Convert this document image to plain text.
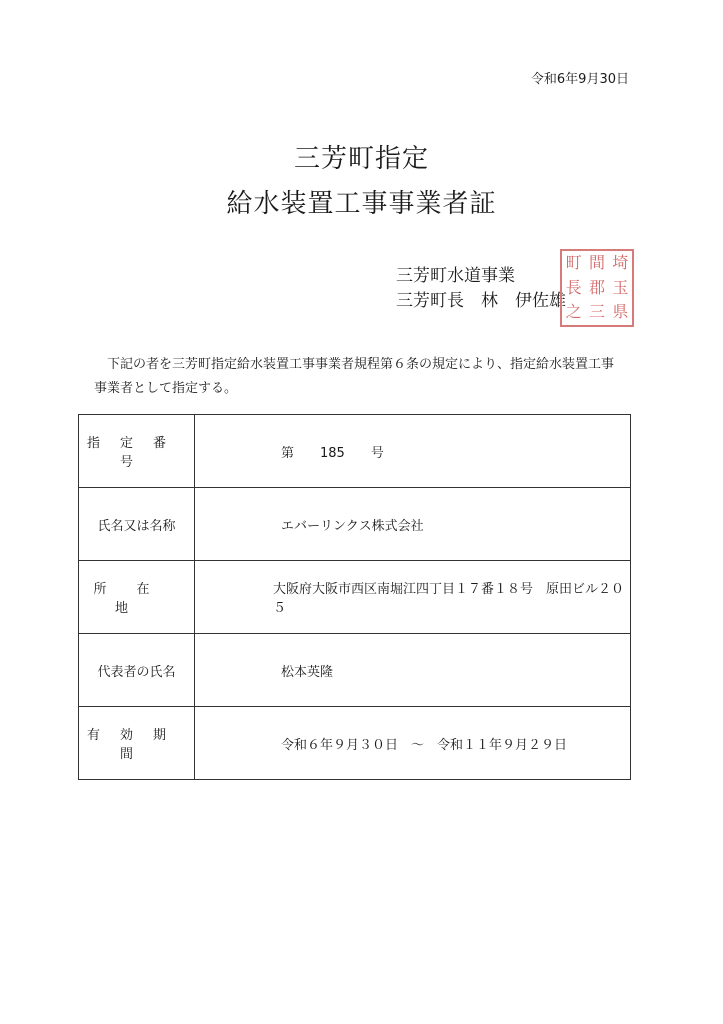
令和6年9月30日
三芳町指定
給水装置工事事業者証
三芳町水道事業
三芳町長　林　伊佐雄
町
長
之
間
郡
三
埼
玉
県
下記の者を三芳町指定給水装置工事事業者規程第６条の規定により、指定給水装置工事事業者として指定する。
指定番号	第　　185　　号
氏名又は名称	エバーリンクス株式会社
所在地	大阪府大阪市西区南堀江四丁目１７番１８号　原田ビル２０５
代表者の氏名	松本英隆
有効期間	令和６年９月３０日　～　令和１１年９月２９日
